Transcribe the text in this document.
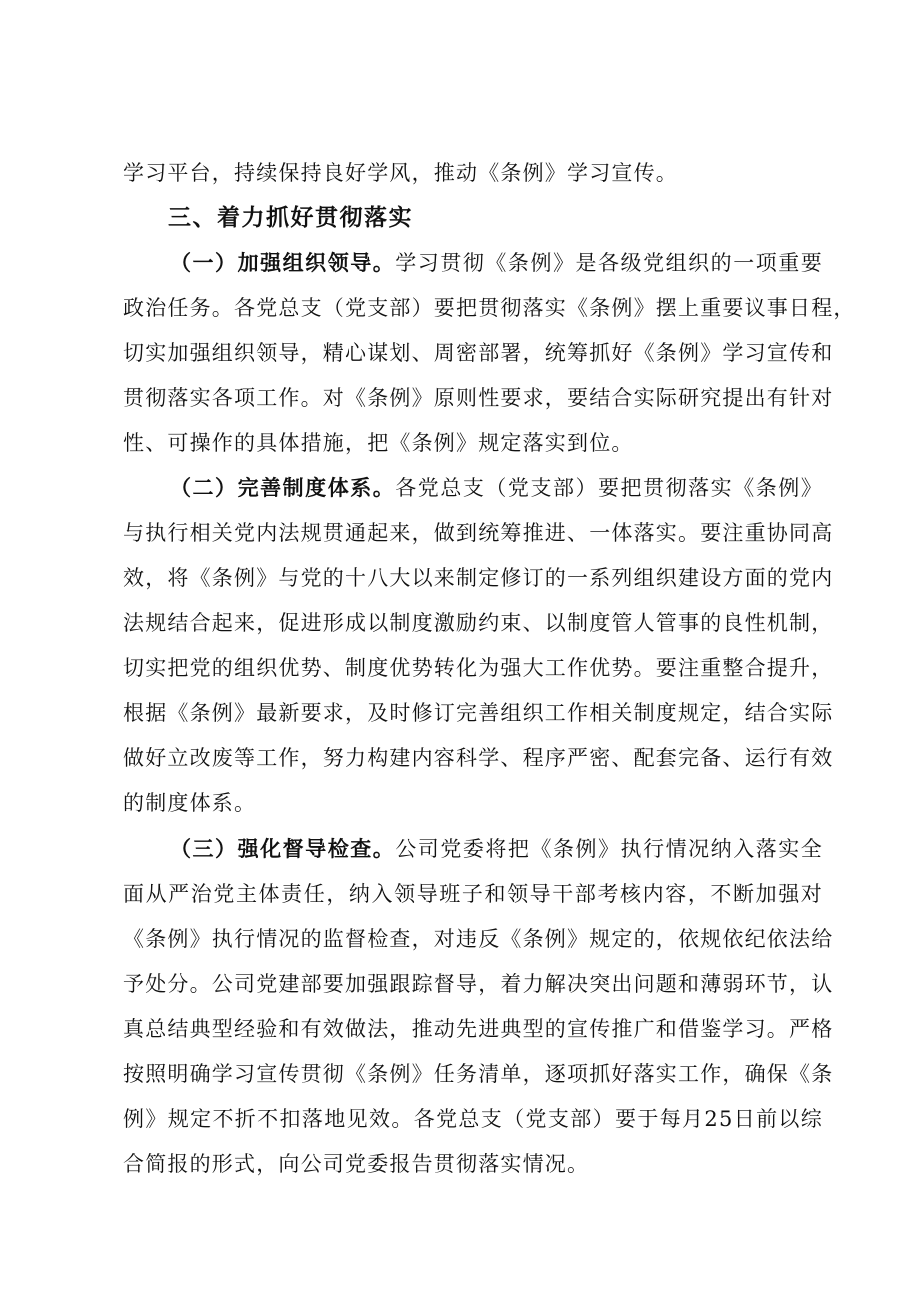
学习平台，持续保持良好学风，推动《条例》学习宣传。
三、着力抓好贯彻落实
（一）加强组织领导。学习贯彻《条例》是各级党组织的一项重要
政治任务。各党总支（党支部）要把贯彻落实《条例》摆上重要议事日程，
切实加强组织领导，精心谋划、周密部署，统筹抓好《条例》学习宣传和
贯彻落实各项工作。对《条例》原则性要求，要结合实际研究提出有针对
性、可操作的具体措施，把《条例》规定落实到位。
（二）完善制度体系。各党总支（党支部）要把贯彻落实《条例》
与执行相关党内法规贯通起来，做到统筹推进、一体落实。要注重协同高
效，将《条例》与党的十八大以来制定修订的一系列组织建设方面的党内
法规结合起来，促进形成以制度激励约束、以制度管人管事的良性机制，
切实把党的组织优势、制度优势转化为强大工作优势。要注重整合提升，
根据《条例》最新要求，及时修订完善组织工作相关制度规定，结合实际
做好立改废等工作，努力构建内容科学、程序严密、配套完备、运行有效
的制度体系。
（三）强化督导检查。公司党委将把《条例》执行情况纳入落实全
面从严治党主体责任，纳入领导班子和领导干部考核内容，不断加强对
《条例》执行情况的监督检查，对违反《条例》规定的，依规依纪依法给
予处分。公司党建部要加强跟踪督导，着力解决突出问题和薄弱环节，认
真总结典型经验和有效做法，推动先进典型的宣传推广和借鉴学习。严格
按照明确学习宣传贯彻《条例》任务清单，逐项抓好落实工作，确保《条
例》规定不折不扣落地见效。各党总支（党支部）要于每月25日前以综
合简报的形式，向公司党委报告贯彻落实情况。
